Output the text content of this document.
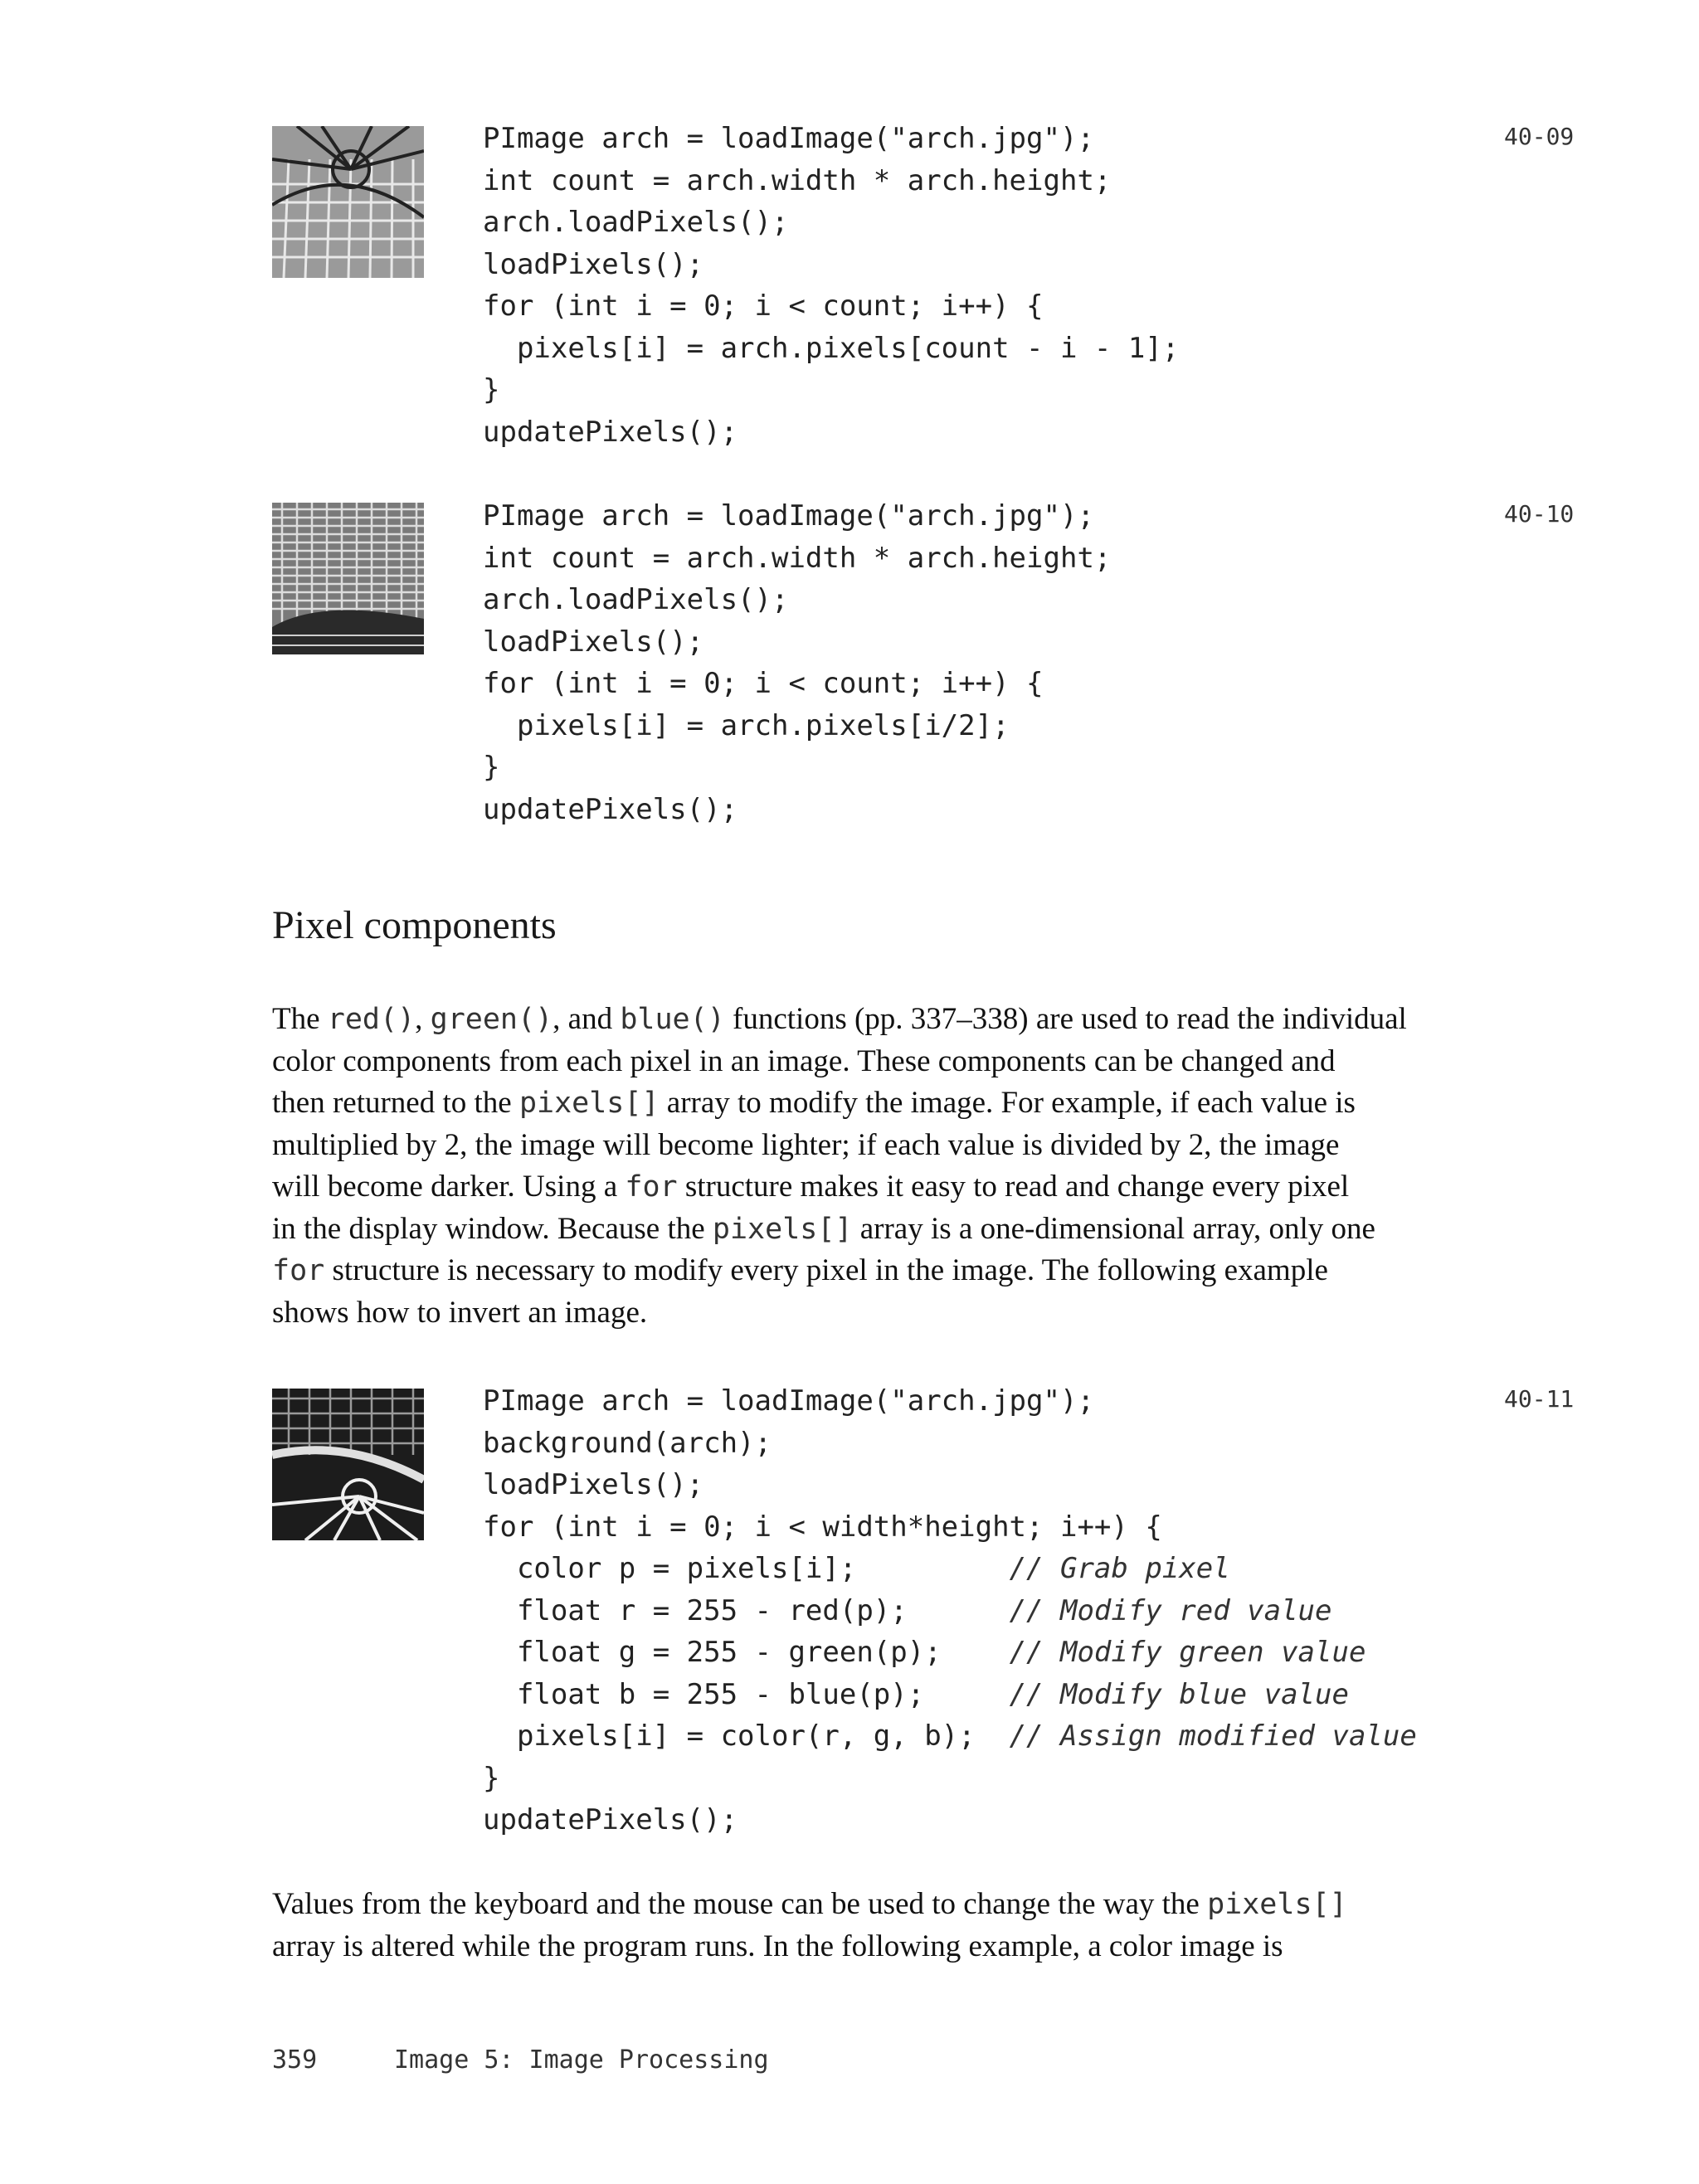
PImage arch = loadImage("arch.jpg");
int count = arch.width * arch.height;
arch.loadPixels();
loadPixels();
for (int i = 0; i < count; i++) {
pixels[i] = arch.pixels[count - i - 1];
}
updatePixels();
40-09
PImage arch = loadImage("arch.jpg");
int count = arch.width * arch.height;
arch.loadPixels();
loadPixels();
for (int i = 0; i < count; i++) {
pixels[i] = arch.pixels[i/2];
}
updatePixels();
40-10
Pixel components
The red(), green(), and blue() functions (pp. 337–338) are used to read the individual
color components from each pixel in an image. These components can be changed and
then returned to the pixels[] array to modify the image. For example, if each value is
multiplied by 2, the image will become lighter; if each value is divided by 2, the image
will become darker. Using a for structure makes it easy to read and change every pixel
in the display window. Because the pixels[] array is a one-dimensional array, only one
for structure is necessary to modify every pixel in the image. The following example
shows how to invert an image.
PImage arch = loadImage("arch.jpg");
background(arch);
loadPixels();
for (int i = 0; i < width*height; i++) {
color p = pixels[i];         // Grab pixel
float r = 255 - red(p);      // Modify red value
float g = 255 - green(p);    // Modify green value
float b = 255 - blue(p);     // Modify blue value
pixels[i] = color(r, g, b);  // Assign modified value
}
updatePixels();
40-11
Values from the keyboard and the mouse can be used to change the way the pixels[]
array is altered while the program runs. In the following example, a color image is
359	Image 5: Image Processing
